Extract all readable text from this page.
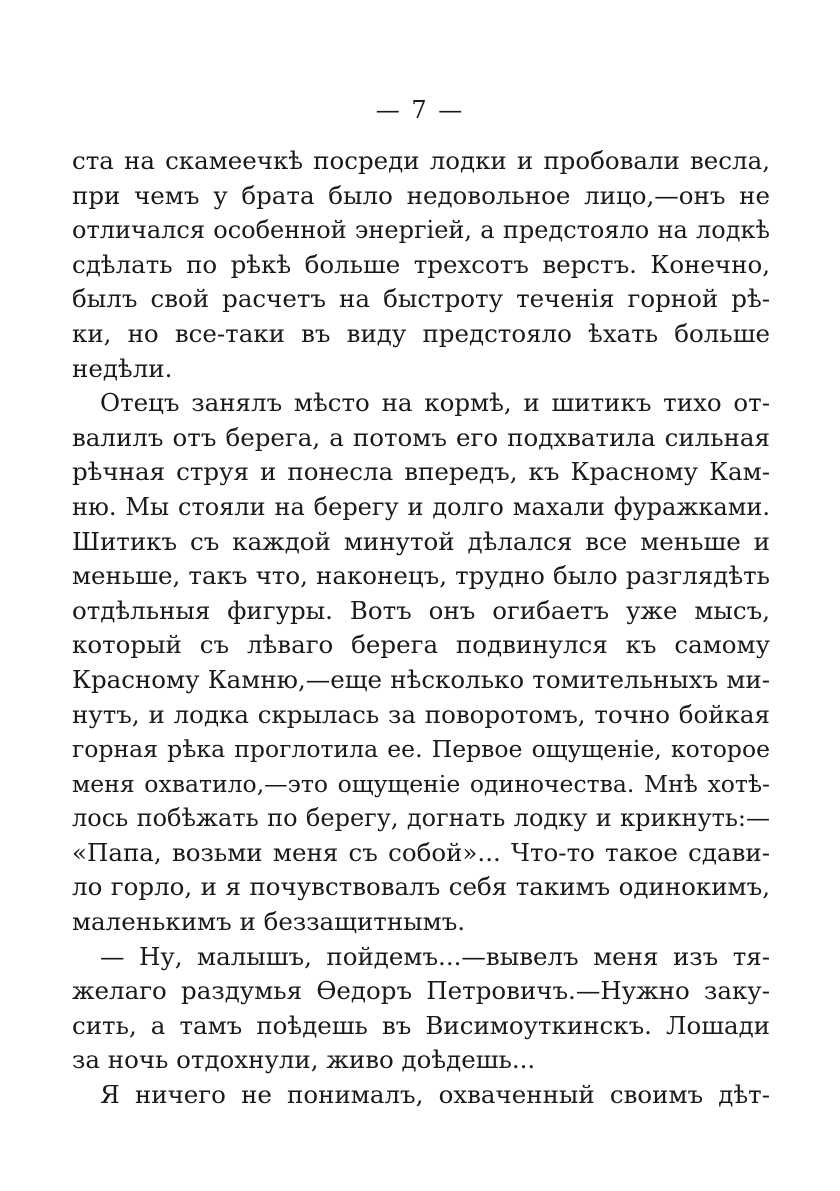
— 7 —
ста на скамеечкѣ посреди лодки и пробовали весла,
при чемъ у брата было недовольное лицо,—онъ не
отличался особенной энергіей, а предстояло на лодкѣ
сдѣлать по рѣкѣ больше трехсотъ верстъ. Конечно,
былъ свой расчетъ на быстроту теченія горной рѣ-
ки, но все-таки въ виду предстояло ѣхать больше
недѣли.
Отецъ занялъ мѣсто на кормѣ, и шитикъ тихо от-
валилъ отъ берега, а потомъ его подхватила сильная
рѣчная струя и понесла впередъ, къ Красному Кам-
ню. Мы стояли на берегу и долго махали фуражками.
Шитикъ съ каждой минутой дѣлался все меньше и
меньше, такъ что, наконецъ, трудно было разглядѣть
отдѣльныя фигуры. Вотъ онъ огибаетъ уже мысъ,
который съ лѣваго берега подвинулся къ самому
Красному Камню,—еще нѣсколько томительныхъ ми-
нутъ, и лодка скрылась за поворотомъ, точно бойкая
горная рѣка проглотила ее. Первое ощущеніе, которое
меня охватило,—это ощущеніе одиночества. Мнѣ хотѣ-
лось побѣжать по берегу, догнать лодку и крикнуть:—
«Папа, возьми меня съ собой»... Что-то такое сдави-
ло горло, и я почувствовалъ себя такимъ одинокимъ,
маленькимъ и беззащитнымъ.
— Ну, малышъ, пойдемъ...—вывелъ меня изъ тя-
желаго раздумья Ѳедоръ Петровичъ.—Нужно заку-
сить, а тамъ поѣдешь въ Висимоуткинскъ. Лошади
за ночь отдохнули, живо доѣдешь...
Я ничего не понималъ, охваченный своимъ дѣт-
